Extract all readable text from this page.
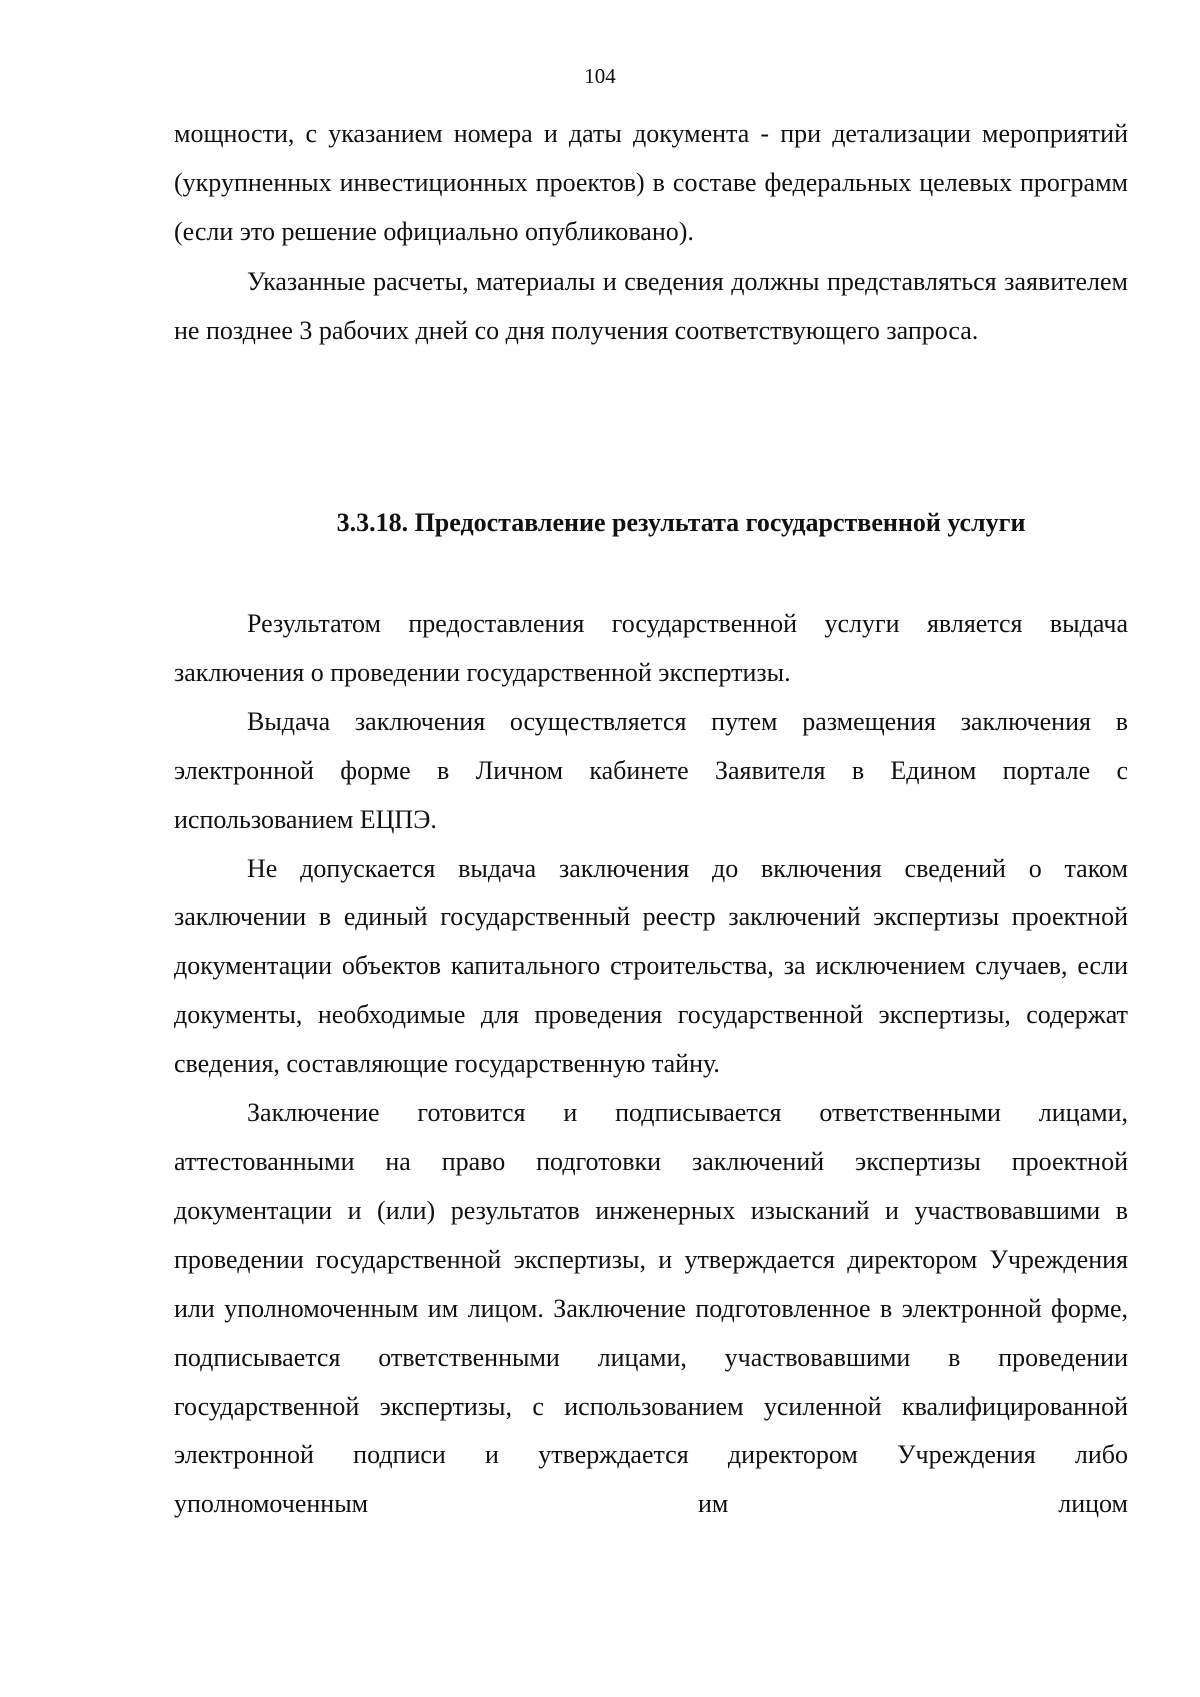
104

мощности, с указанием номера и даты документа - при детализации мероприятий (укрупненных инвестиционных проектов) в составе федеральных целевых программ (если это решение официально опубликовано).

Указанные расчеты, материалы и сведения должны представляться заявителем не позднее 3 рабочих дней со дня получения соответствующего запроса.

3.3.18. Предоставление результата государственной услуги

Результатом предоставления государственной услуги является выдача заключения о проведении государственной экспертизы.

Выдача заключения осуществляется путем размещения заключения в электронной форме в Личном кабинете Заявителя в Едином портале с использованием ЕЦПЭ.

Не допускается выдача заключения до включения сведений о таком заключении в единый государственный реестр заключений экспертизы проектной документации объектов капитального строительства, за исключением случаев, если документы, необходимые для проведения государственной экспертизы, содержат сведения, составляющие государственную тайну.

Заключение готовится и подписывается ответственными лицами, аттестованными на право подготовки заключений экспертизы проектной документации и (или) результатов инженерных изысканий и участвовавшими в проведении государственной экспертизы, и утверждается директором Учреждения или уполномоченным им лицом. Заключение подготовленное в электронной форме, подписывается ответственными лицами, участвовавшими в проведении государственной экспертизы, с использованием усиленной квалифицированной электронной подписи и утверждается директором Учреждения либо уполномоченным им лицом
